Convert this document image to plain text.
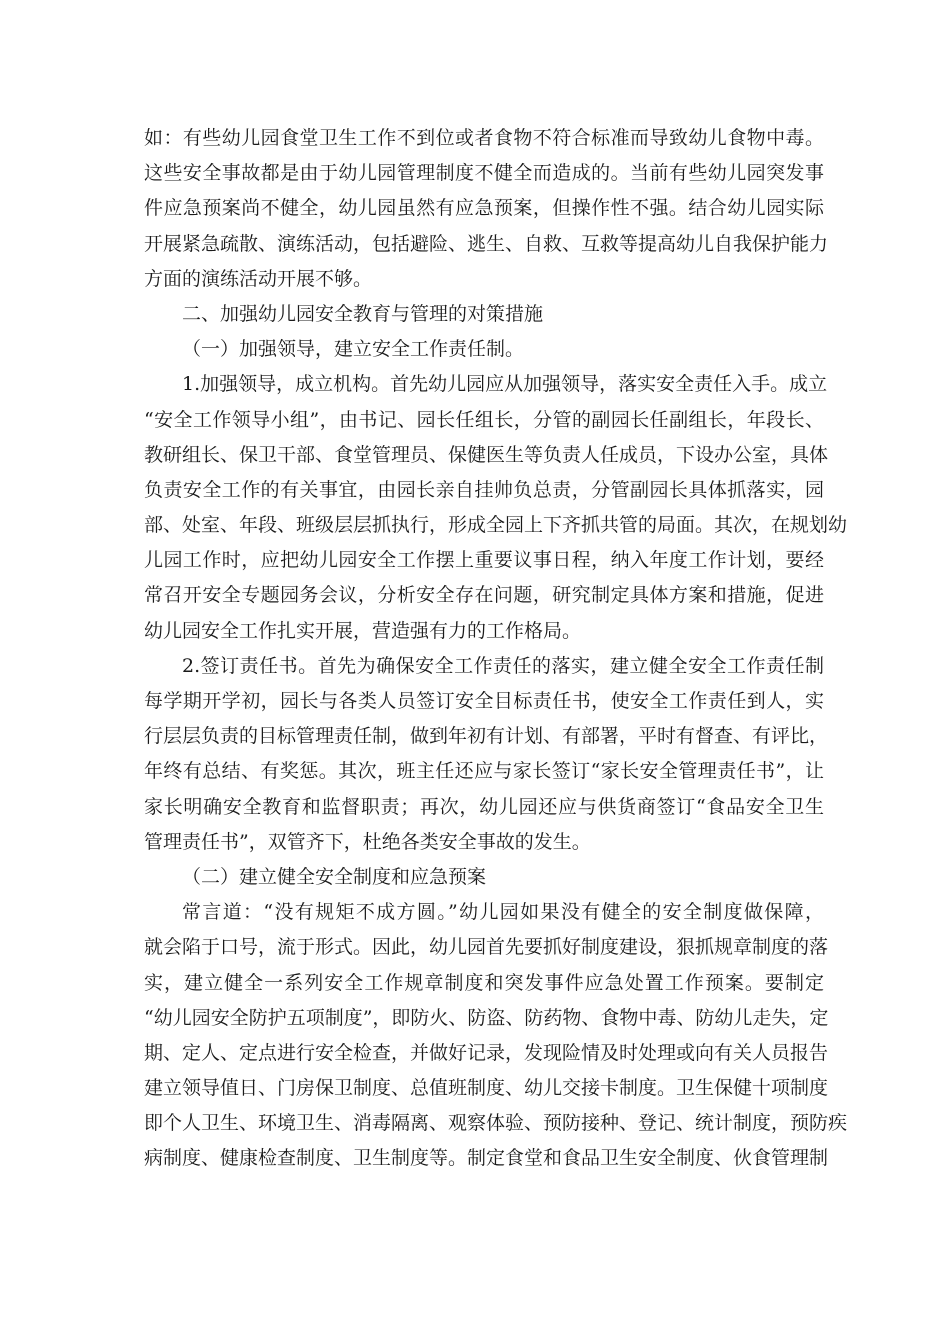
如：有些幼儿园食堂卫生工作不到位或者食物不符合标准而导致幼儿食物中毒。
这些安全事故都是由于幼儿园管理制度不健全而造成的。当前有些幼儿园突发事
件应急预案尚不健全，幼儿园虽然有应急预案，但操作性不强。结合幼儿园实际
开展紧急疏散、演练活动，包括避险、逃生、自救、互救等提高幼儿自我保护能力
方面的演练活动开展不够。
二、加强幼儿园安全教育与管理的对策措施
（一）加强领导，建立安全工作责任制。
1.加强领导，成立机构。首先幼儿园应从加强领导，落实安全责任入手。成立
“安全工作领导小组”，由书记、园长任组长，分管的副园长任副组长，年段长、
教研组长、保卫干部、食堂管理员、保健医生等负责人任成员，下设办公室，具体
负责安全工作的有关事宜，由园长亲自挂帅负总责，分管副园长具体抓落实，园
部、处室、年段、班级层层抓执行，形成全园上下齐抓共管的局面。其次，在规划幼
儿园工作时，应把幼儿园安全工作摆上重要议事日程，纳入年度工作计划，要经
常召开安全专题园务会议，分析安全存在问题，研究制定具体方案和措施，促进
幼儿园安全工作扎实开展，营造强有力的工作格局。
2.签订责任书。首先为确保安全工作责任的落实，建立健全安全工作责任制
每学期开学初，园长与各类人员签订安全目标责任书，使安全工作责任到人，实
行层层负责的目标管理责任制，做到年初有计划、有部署，平时有督查、有评比，
年终有总结、有奖惩。其次，班主任还应与家长签订“家长安全管理责任书”，让
家长明确安全教育和监督职责；再次，幼儿园还应与供货商签订“食品安全卫生
管理责任书”，双管齐下，杜绝各类安全事故的发生。
（二）建立健全安全制度和应急预案
常言道：“没有规矩不成方圆。”幼儿园如果没有健全的安全制度做保障，
就会陷于口号，流于形式。因此，幼儿园首先要抓好制度建设，狠抓规章制度的落
实，建立健全一系列安全工作规章制度和突发事件应急处置工作预案。要制定
“幼儿园安全防护五项制度”，即防火、防盗、防药物、食物中毒、防幼儿走失，定
期、定人、定点进行安全检查，并做好记录，发现险情及时处理或向有关人员报告
建立领导值日、门房保卫制度、总值班制度、幼儿交接卡制度。卫生保健十项制度
即个人卫生、环境卫生、消毒隔离、观察体验、预防接种、登记、统计制度，预防疾
病制度、健康检查制度、卫生制度等。制定食堂和食品卫生安全制度、伙食管理制
